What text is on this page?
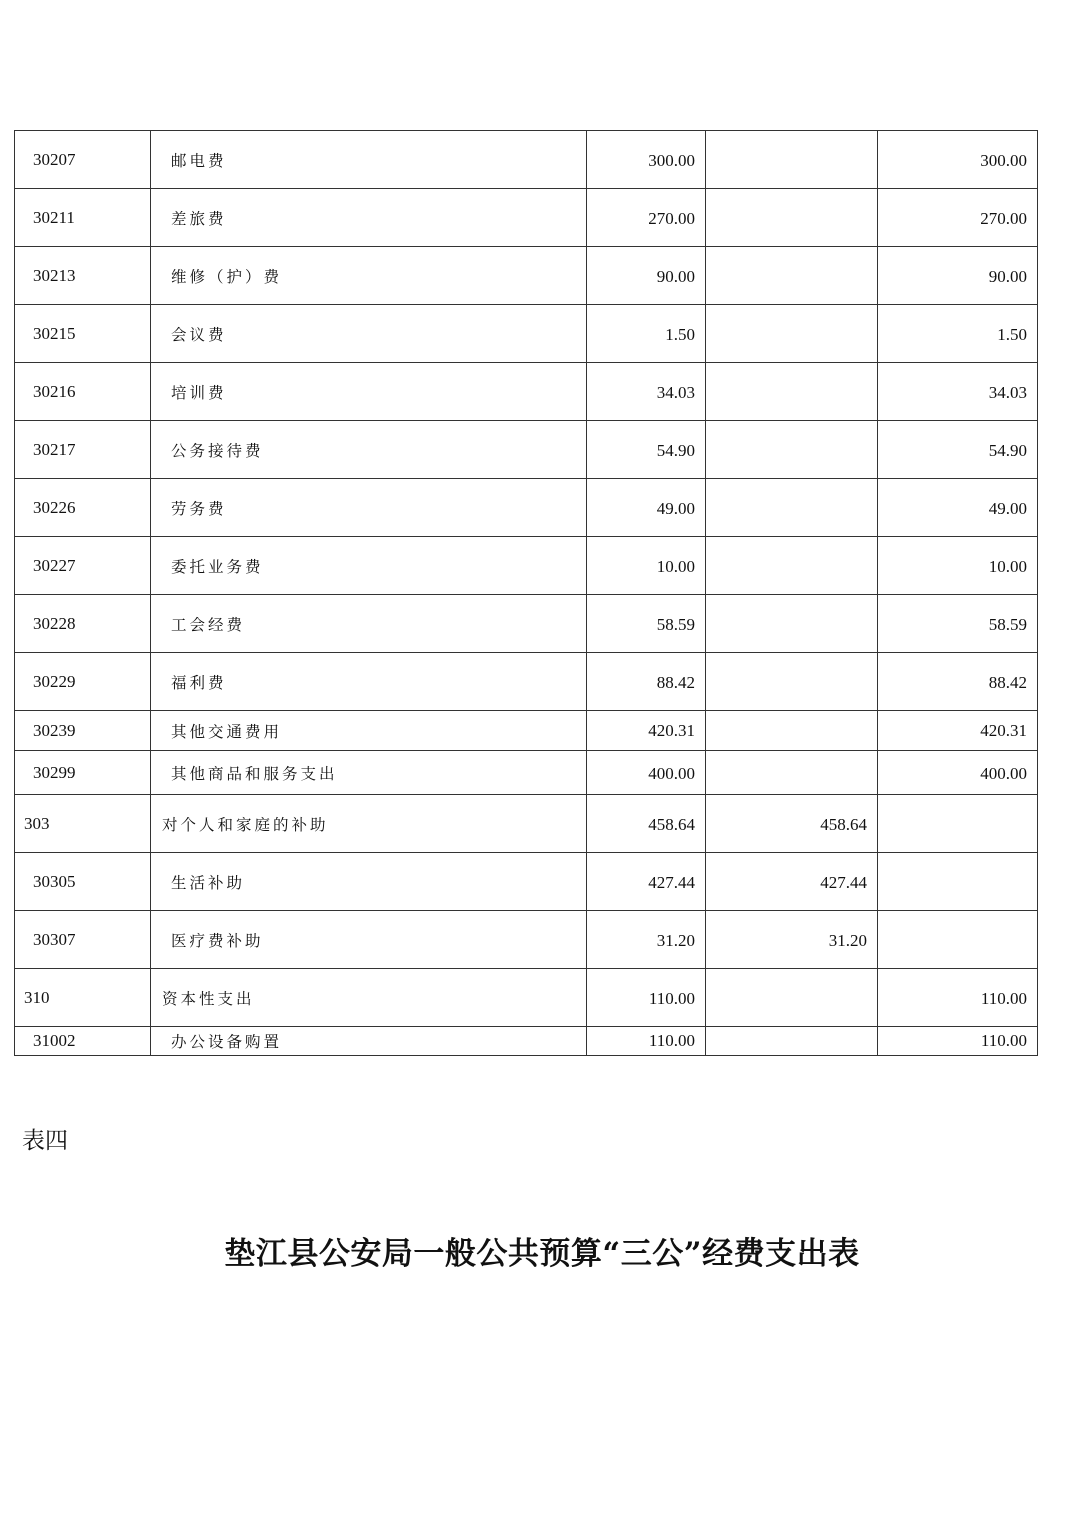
30207	邮电费	300.00		300.00
30211	差旅费	270.00		270.00
30213	维修（护）费	90.00		90.00
30215	会议费	1.50		1.50
30216	培训费	34.03		34.03
30217	公务接待费	54.90		54.90
30226	劳务费	49.00		49.00
30227	委托业务费	10.00		10.00
30228	工会经费	58.59		58.59
30229	福利费	88.42		88.42
30239	其他交通费用	420.31		420.31
30299	其他商品和服务支出	400.00		400.00
303	对个人和家庭的补助	458.64	458.64	
30305	生活补助	427.44	427.44	
30307	医疗费补助	31.20	31.20	
310	资本性支出	110.00		110.00
31002	办公设备购置	110.00		110.00

表四

垫江县公安局一般公共预算“三公”经费支出表
